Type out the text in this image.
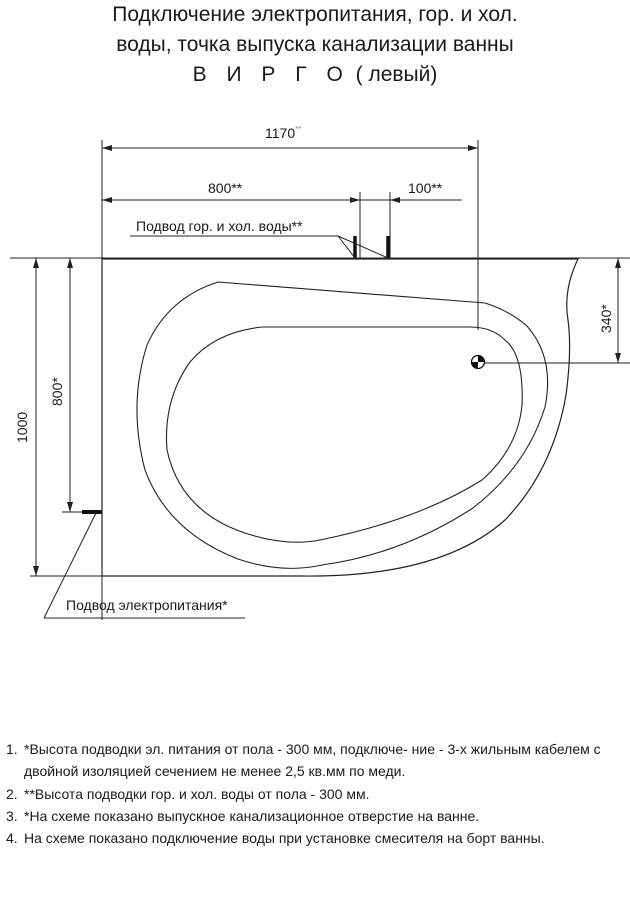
Подключение электропитания, гор. и хол.
воды, точка выпуска канализации ванны
В И Р Г О ( левый)
1170**
800**	100**
Подвод гор. и хол. воды**
340*
1000
800*
Подвод электропитания*
1. *Высота подводки эл. питания от пола - 300 мм, подключе- ние - 3-х жильным кабелем с двойной изоляцией сечением не менее 2,5 кв.мм по меди.
2. **Высота подводки гор. и хол. воды от пола - 300 мм.
3. *На схеме показано выпускное канализационное отверстие на ванне.
4. На схеме показано подключение воды при установке смесителя на борт ванны.
